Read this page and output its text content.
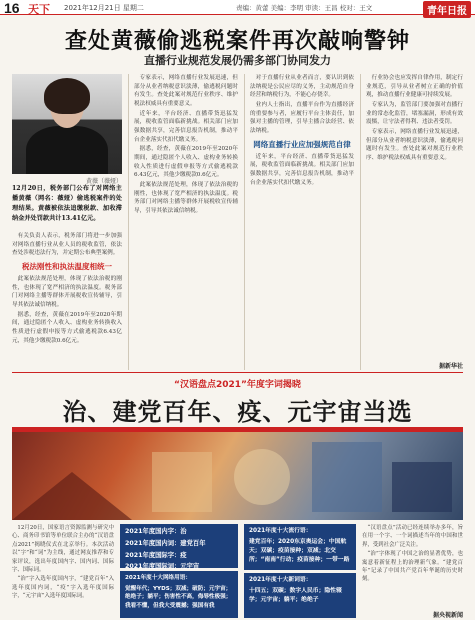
16 天下 2021年12月21日 星期二	责编：黄蕾 美编：李明 审读：王昌 校对：王文	青年日报
查处黄薇偷逃税案件再次敲响警钟
直播行业规范发展仍需多部门协同发力
黄薇（薇娅）
12月20日，税务部门公布了对网络主播黄薇（网名：薇娅）偷逃税案件的处理结果。黄薇被依法追缴税款、加收滞纳金并处罚款共计13.41亿元。

有关负责人表示，税务部门将进一步加强对网络直播行业从业人员的税收监管，依法查处涉税违法行为，并定期公布典型案例。

税法刚性和执法温度相统一

此案依法规范处理，体现了依法治税的刚性，也体现了宽严相济的执法温度。税务部门对网络主播等群体开展税收宣传辅导，引导其依法诚信纳税。

据悉，经查，黄薇在2019年至2020年期间，通过隐匿个人收入、虚构业务转换收入性质进行虚假申报等方式偷逃税款6.43亿元，其他少缴税款0.6亿元。

专家表示，网络直播行业发展迅速，但部分从业者纳税意识淡薄，偷逃税问题时有发生。查处此案对规范行业秩序、维护税法权威具有重要意义。

近年来，平台经济、直播带货迅猛发展，税收监管面临新挑战。相关部门应加强数据共享，完善信息报告机制，推动平台企业落实代扣代缴义务。

据悉，经查，黄薇在2019年至2020年期间，通过隐匿个人收入、虚构业务转换收入性质进行虚假申报等方式偷逃税款6.43亿元，其他少缴税款0.6亿元。

此案依法规范处理，体现了依法治税的刚性，也体现了宽严相济的执法温度。税务部门对网络主播等群体开展税收宣传辅导，引导其依法诚信纳税。

对于直播行业从业者而言，要认识到依法纳税是公民应尽的义务，主动规范自身经营和纳税行为，不能心存侥幸。

业内人士指出，直播平台作为直播经济的重要参与者，应履行平台主体责任，加强对主播的管理，引导主播合法经营、依法纳税。

网络直播行业应加强规范自律

近年来，平台经济、直播带货迅猛发展，税收监管面临新挑战。相关部门应加强数据共享，完善信息报告机制，推动平台企业落实代扣代缴义务。

行业协会也应发挥自律作用，制定行业规范，引导从业者树立正确的价值观，推动直播行业健康可持续发展。

专家认为，监管部门要加强对直播行业的常态化监管，堵塞漏洞，形成有效震慑，让守法者得利、违法者受罚。

专家表示，网络直播行业发展迅速，但部分从业者纳税意识淡薄，偷逃税问题时有发生。查处此案对规范行业秩序、维护税法权威具有重要意义。

据新华社
“汉语盘点2021”年度字词揭晓
治、建党百年、疫、元宇宙当选

12月20日，国家语言资源监测与研究中心、商务印书馆等单位联合主办的“汉语盘点2021”揭晓仪式在北京举行。本次活动以“字”和“词”为主线，通过网友推荐和专家评议，选出年度国内字、国内词、国际字、国际词。

“治”字入选年度国内字，“建党百年”入选年度国内词，“疫”字入选年度国际字，“元宇宙”入选年度国际词。

2021年度国内字：治
2021年度国内词：建党百年
2021年度国际字：疫
2021年度国际词：元宇宙
2021年度十大网络用语：
觉醒年代；YYDS；双减；破防；元宇宙；绝绝子；躺平；伤害性不高，侮辱性极强；我看不懂，但我大受震撼；强国有我
2021年度十大流行语：
建党百年；2020东京奥运会；中国航天；双碳；疫苗接种；双减；北交所；“南南”行动；疫苗接种；一带一路
2021年度十大新词语：
十四五；双碳；数字人民币；隐性辍学；元宇宙；躺平；绝绝子

“汉语盘点”活动已经连续举办多年，旨在用一个字、一个词描述当年的中国和世界，受到社会广泛关注。

“治”字体现了中国之治的显著优势，也寓意着新征程上的治理新气象。“建党百年”记录了中国共产党百年华诞的历史时刻。

据央视新闻
